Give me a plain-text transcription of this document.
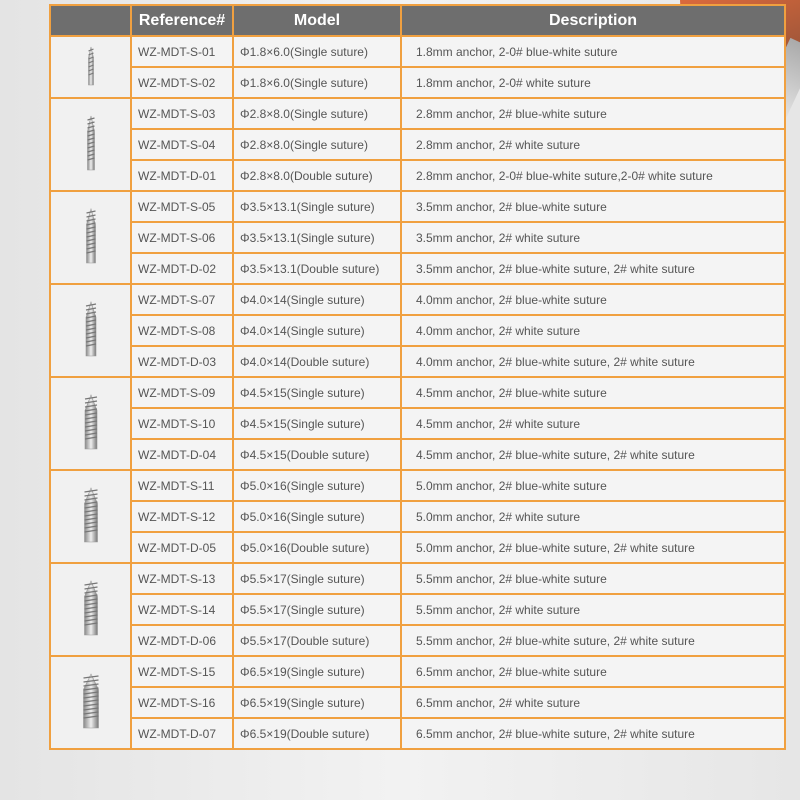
	Reference#	Model	Description
	WZ-MDT-S-01	Φ1.8×6.0(Single suture)	1.8mm anchor, 2-0# blue-white suture
	WZ-MDT-S-02	Φ1.8×6.0(Single suture)	1.8mm anchor, 2-0# white suture
	WZ-MDT-S-03	Φ2.8×8.0(Single suture)	2.8mm anchor, 2# blue-white suture
	WZ-MDT-S-04	Φ2.8×8.0(Single suture)	2.8mm anchor, 2# white suture
	WZ-MDT-D-01	Φ2.8×8.0(Double suture)	2.8mm anchor, 2-0# blue-white suture,2-0# white suture
	WZ-MDT-S-05	Φ3.5×13.1(Single suture)	3.5mm anchor, 2# blue-white suture
	WZ-MDT-S-06	Φ3.5×13.1(Single suture)	3.5mm anchor, 2# white suture
	WZ-MDT-D-02	Φ3.5×13.1(Double suture)	3.5mm anchor, 2# blue-white suture, 2# white suture
	WZ-MDT-S-07	Φ4.0×14(Single suture)	4.0mm anchor, 2# blue-white suture
	WZ-MDT-S-08	Φ4.0×14(Single suture)	4.0mm anchor, 2# white suture
	WZ-MDT-D-03	Φ4.0×14(Double suture)	4.0mm anchor, 2# blue-white suture, 2# white suture
	WZ-MDT-S-09	Φ4.5×15(Single suture)	4.5mm anchor, 2# blue-white suture
	WZ-MDT-S-10	Φ4.5×15(Single suture)	4.5mm anchor, 2# white suture
	WZ-MDT-D-04	Φ4.5×15(Double suture)	4.5mm anchor, 2# blue-white suture, 2# white suture
	WZ-MDT-S-11	Φ5.0×16(Single suture)	5.0mm anchor, 2# blue-white suture
	WZ-MDT-S-12	Φ5.0×16(Single suture)	5.0mm anchor, 2# white suture
	WZ-MDT-D-05	Φ5.0×16(Double suture)	5.0mm anchor, 2# blue-white suture, 2# white suture
	WZ-MDT-S-13	Φ5.5×17(Single suture)	5.5mm anchor, 2# blue-white suture
	WZ-MDT-S-14	Φ5.5×17(Single suture)	5.5mm anchor, 2# white suture
	WZ-MDT-D-06	Φ5.5×17(Double suture)	5.5mm anchor, 2# blue-white suture, 2# white suture
	WZ-MDT-S-15	Φ6.5×19(Single suture)	6.5mm anchor, 2# blue-white suture
	WZ-MDT-S-16	Φ6.5×19(Single suture)	6.5mm anchor, 2# white suture
	WZ-MDT-D-07	Φ6.5×19(Double suture)	6.5mm anchor, 2# blue-white suture, 2# white suture
